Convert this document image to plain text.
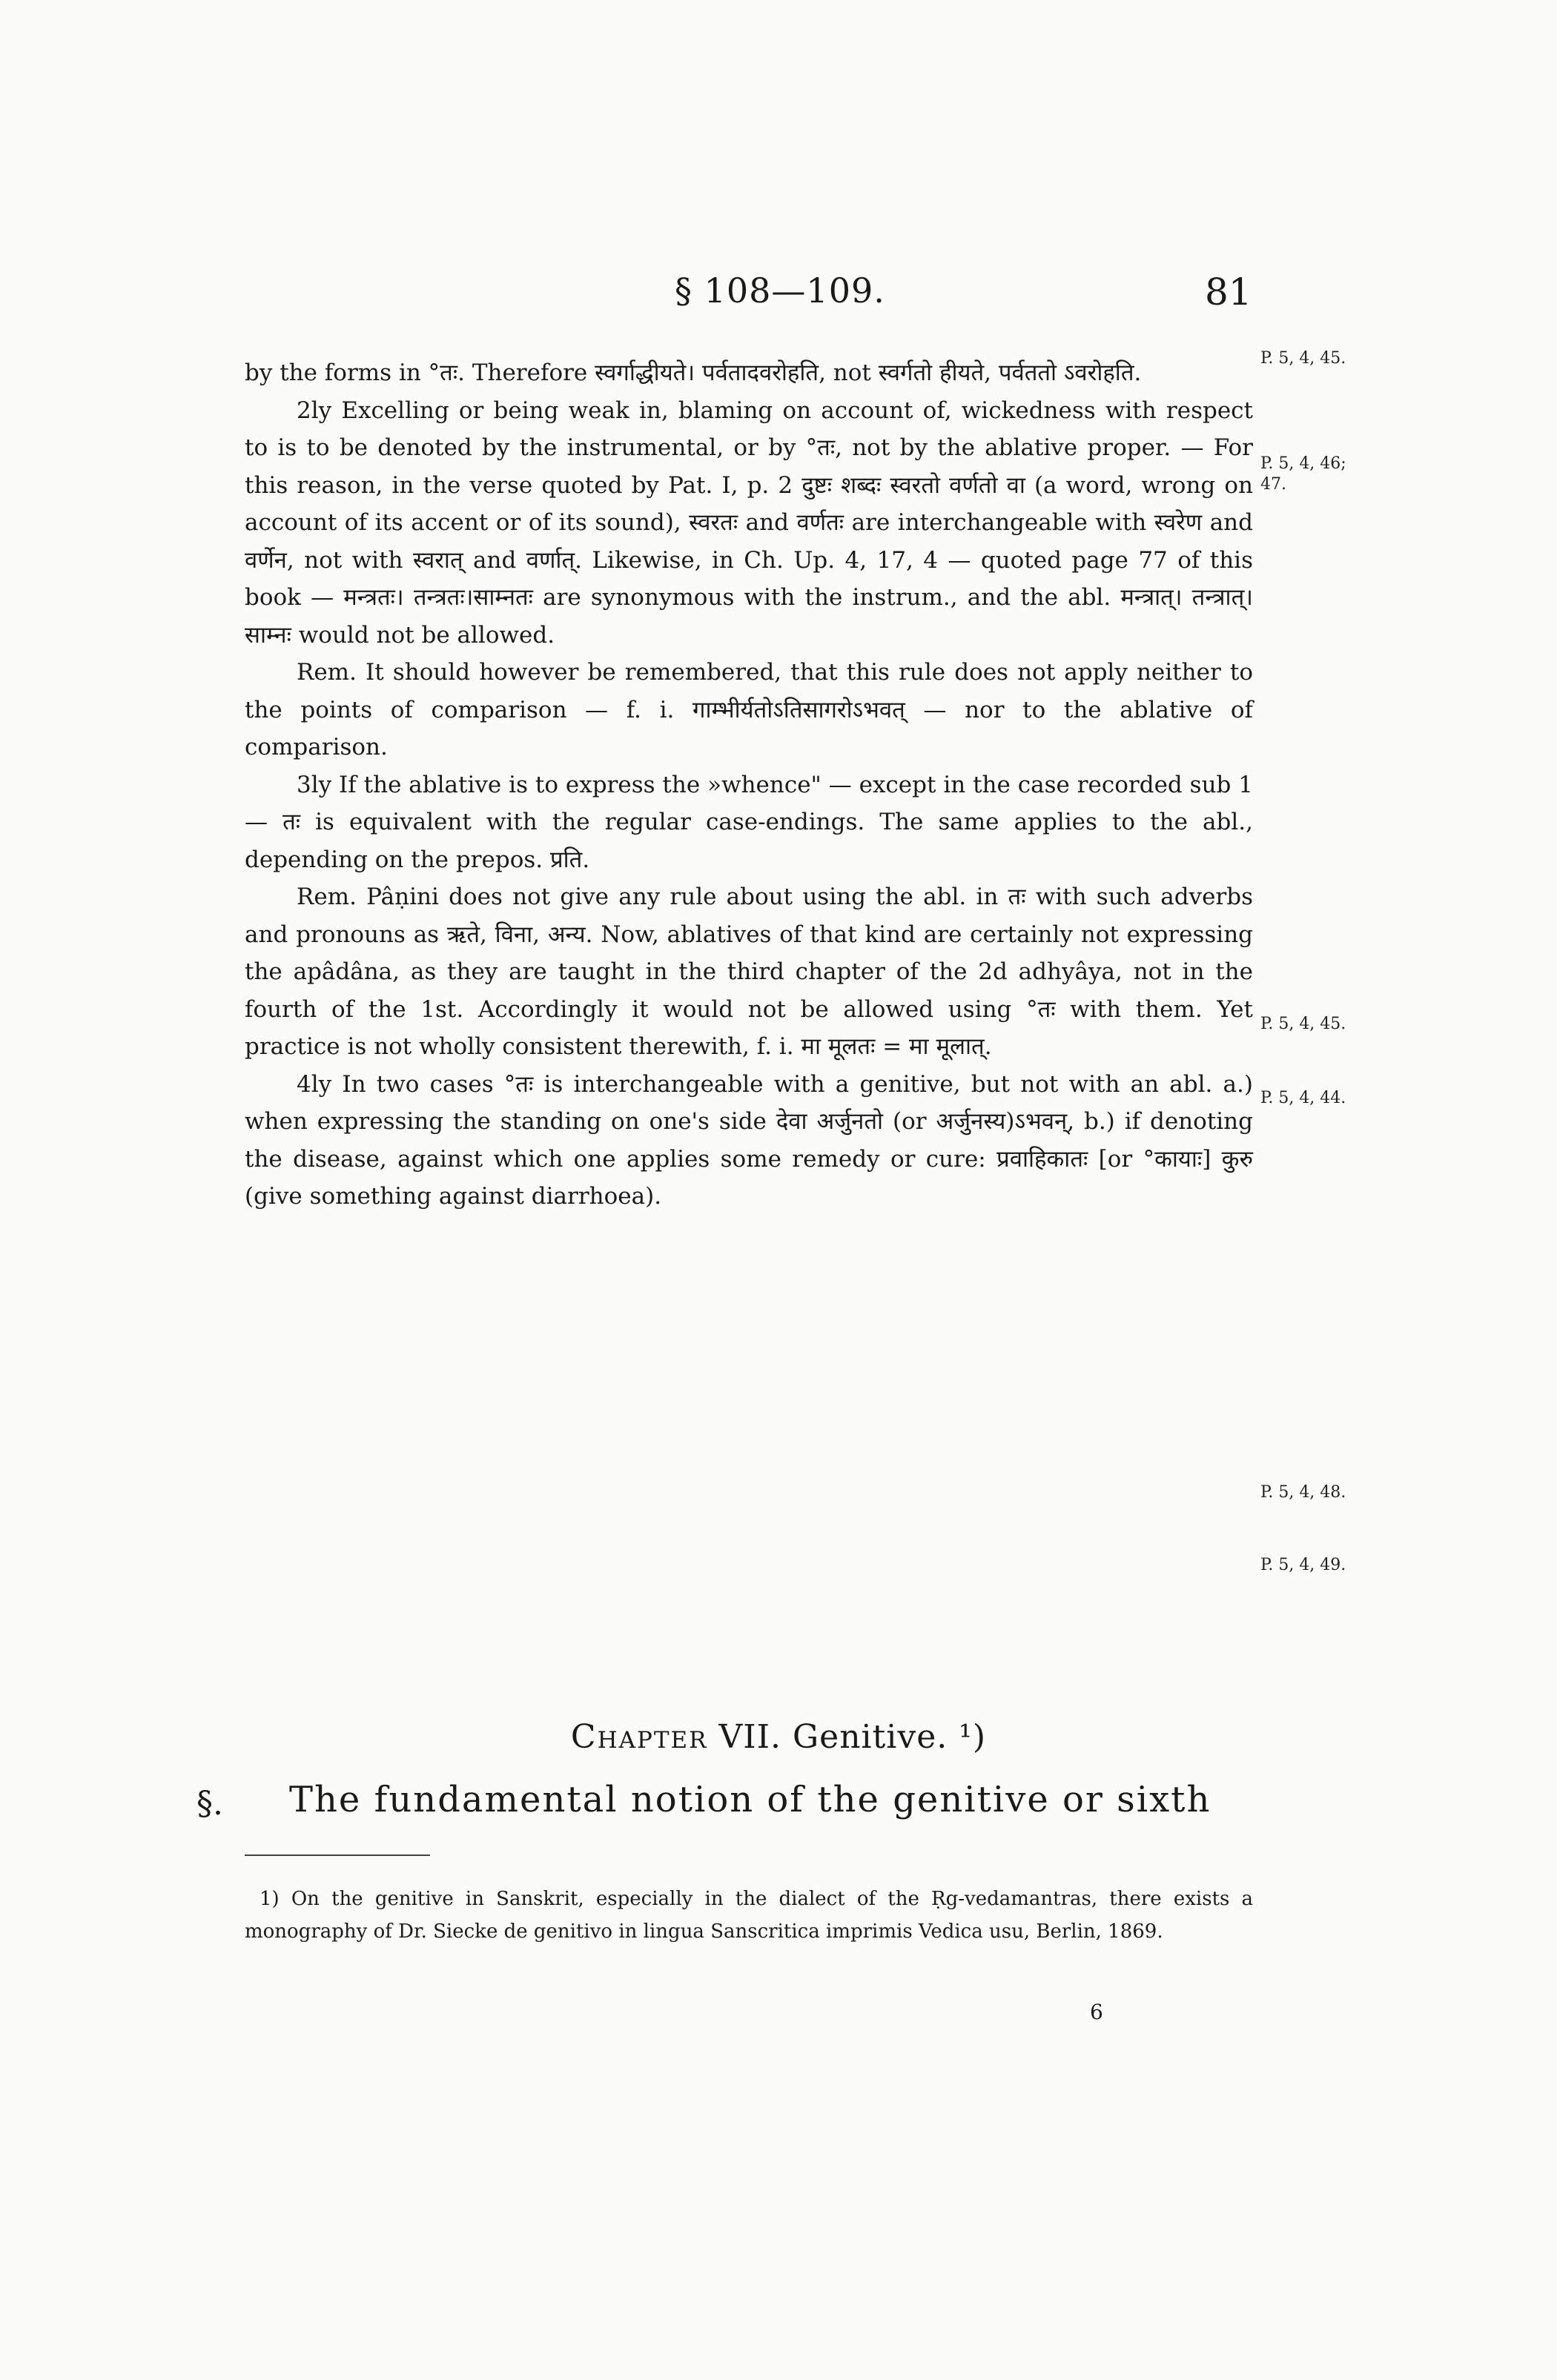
§ 108—109.	81

by the forms in °तः. Therefore स्वर्गाद्धीयते। पर्वतादवरोहति, not स्वर्गतो हीयते, पर्वततो ऽवरोहति.

2ly Excelling or being weak in, blaming on account of, wickedness with respect to is to be denoted by the instrumental, or by °तः, not by the ablative proper. — For this reason, in the verse quoted by Pat. I, p. 2 दुष्टः शब्दः स्वरतो वर्णतो वा (a word, wrong on account of its accent or of its sound), स्वरतः and वर्णतः are interchangeable with स्वरेण and वर्णेन, not with स्वरात् and वर्णात्. Likewise, in Ch. Up. 4, 17, 4 — quoted page 77 of this book — मन्त्रतः। तन्त्रतः।साम्नतः are synonymous with the instrum., and the abl. मन्त्रात्। तन्त्रात्। साम्नः would not be allowed.

Rem. It should however be remembered, that this rule does not apply neither to the points of comparison — f. i. गाम्भीर्यतोऽतिसागरोऽभवत् — nor to the ablative of comparison.

3ly If the ablative is to express the »whence" — except in the case recorded sub 1 — तः is equivalent with the regular case-endings. The same applies to the abl., depending on the prepos. प्रति.

Rem. Pâṇini does not give any rule about using the abl. in तः with such adverbs and pronouns as ऋते, विना, अन्य. Now, ablatives of that kind are certainly not expressing the apâdâna, as they are taught in the third chapter of the 2d adhyâya, not in the fourth of the 1st. Accordingly it would not be allowed using °तः with them. Yet practice is not wholly consistent therewith, f. i. मा मूलतः = मा मूलात्.

4ly In two cases °तः is interchangeable with a genitive, but not with an abl. a.) when expressing the standing on one's side देवा अर्जुनतो (or अर्जुनस्य)ऽभवन्, b.) if denoting the disease, against which one applies some remedy or cure: प्रवाहिकातः [or °कायाः] कुरु (give something against diarrhoea).

P. 5, 4, 45.
P. 5, 4, 46; 47.
P. 5, 4, 45.
P. 5, 4, 44.
P. 5, 4, 48.
P. 5, 4, 49.
Chapter VII. Genitive. ¹)
§. The fundamental notion of the genitive or sixth

1) On the genitive in Sanskrit, especially in the dialect of the Ṛg-vedamantras, there exists a monography of Dr. Siecke de genitivo in lingua Sanscritica imprimis Vedica usu, Berlin, 1869.

6
